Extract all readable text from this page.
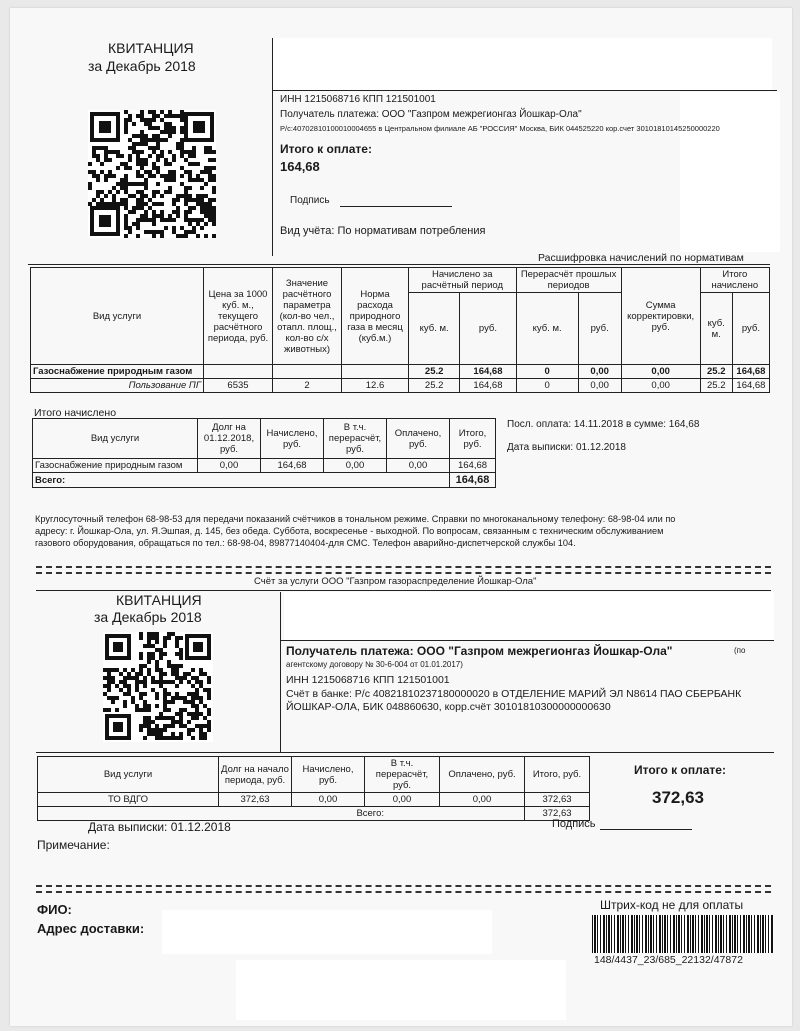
КВИТАНЦИЯ
за Декабрь 2018
ИНН 1215068716 КПП 121501001
Получатель платежа: ООО "Газпром межрегионгаз Йошкар-Ола"
Р/с:40702810100010004655 в Центральном филиале АБ "РОССИЯ" Москва, БИК 044525220 кор.счет 30101810145250000220
Итого к оплате:
164,68
Подпись
Вид учёта: По нормативам потребления
Расшифровка начислений по нормативам
Вид услуги	Цена за 1000 куб. м., текущего расчётного периода, руб.	Значение расчётного параметра (кол-во чел., отапл. площ., кол-во с/х животных)	Норма расхода природного газа в месяц (куб.м.)	Начислено за расчётный период		Перерасчёт прошлых периодов		Сумма корректировки, руб.	Итого начислено	
				куб. м.	руб.	куб. м.	руб.		куб. м.	руб.
Газоснабжение природным газом				25.2	164,68	0	0,00	0,00	25.2	164,68
Пользование ПГ	6535	2	12.6	25.2	164,68	0	0,00	0,00	25.2	164,68
Итого начислено
Вид услуги	Долг на 01.12.2018, руб.	Начислено, руб.	В т.ч. перерасчёт, руб.	Оплачено, руб.	Итого, руб.
Газоснабжение природным газом	0,00	164,68	0,00	0,00	164,68
Всего:					164,68
Посл. оплата: 14.11.2018 в сумме: 164,68
Дата выписки: 01.12.2018
Круглосуточный телефон 68-98-53 для передачи показаний счётчиков в тональном режиме. Справки по многоканальному телефону: 68-98-04 или по
адресу: г. Йошкар-Ола, ул. Я.Эшпая, д. 145, без обеда. Суббота, воскресенье - выходной. По вопросам, связанным с техническим обслуживанием
газового оборудования, обращаться по тел.: 68-98-04, 89877140404-для СМС. Телефон аварийно-диспетчерской службы 104.
Счёт за услуги ООО "Газпром газораспределение Йошкар-Ола"
КВИТАНЦИЯ
за Декабрь 2018
Получатель платежа: ООО "Газпром межрегионгаз Йошкар-Ола"	(по
агентскому договору № 30-6-004 от 01.01.2017)
ИНН 1215068716 КПП 121501001
Счёт в банке: Р/с 40821810237180000020 в ОТДЕЛЕНИЕ МАРИЙ ЭЛ N8614 ПАО СБЕРБАНК
ЙОШКАР-ОЛА, БИК 048860630, корр.счёт 30101810300000000630
Вид услуги	Долг на начало периода, руб.	Начислено, руб.	В т.ч. перерасчёт, руб.	Оплачено, руб.	Итого, руб.
ТО ВДГО	372,63	0,00	0,00	0,00	372,63
Всего:					372,63
Итого к оплате:
372,63
Дата выписки: 01.12.2018	Подпись
Примечание:
ФИО:
Адрес доставки:
Штрих-код не для оплаты
148/4437_23/685_22132/47872
